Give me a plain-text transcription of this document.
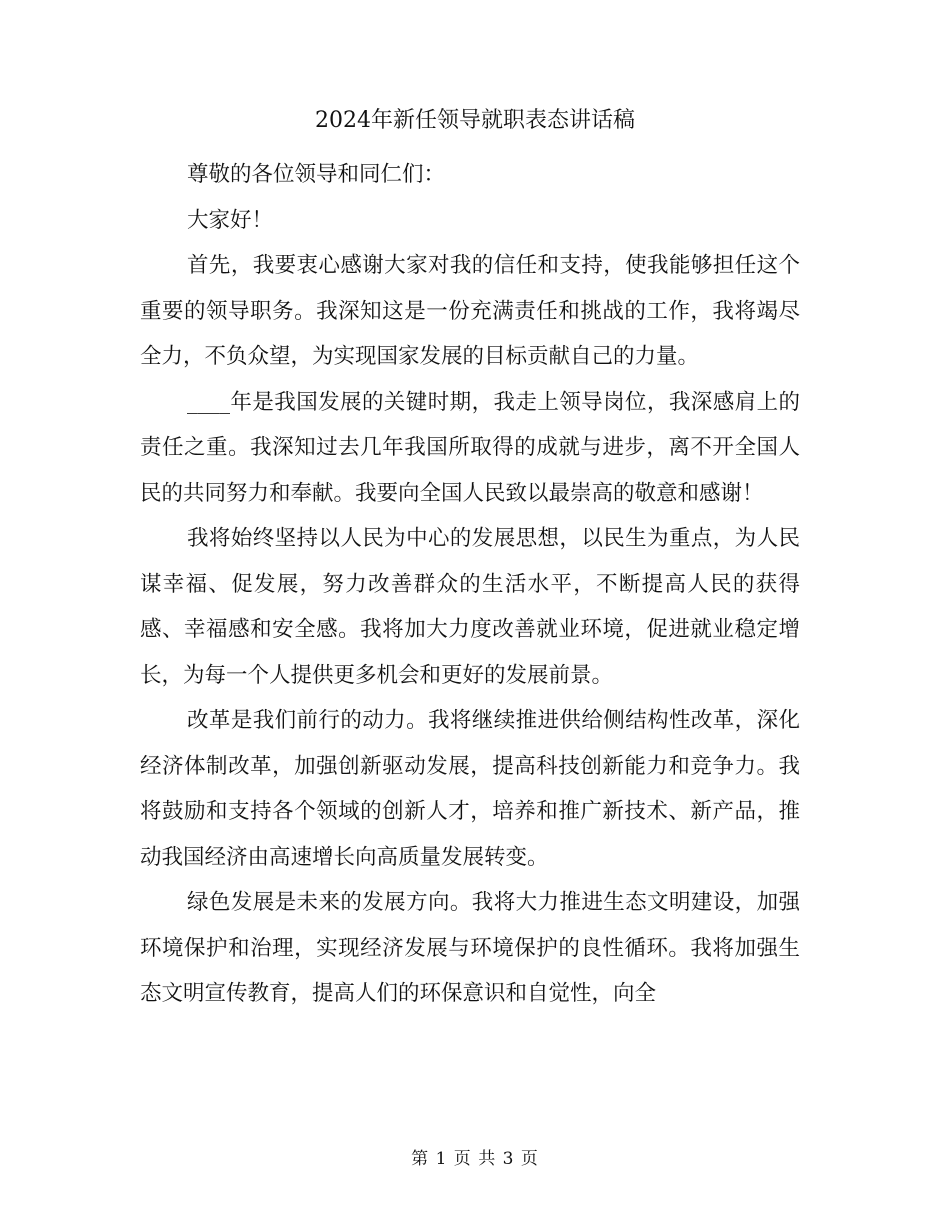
2024年新任领导就职表态讲话稿

尊敬的各位领导和同仁们：

大家好！

首先，我要衷心感谢大家对我的信任和支持，使我能够担任这个重要的领导职务。我深知这是一份充满责任和挑战的工作，我将竭尽全力，不负众望，为实现国家发展的目标贡献自己的力量。

____年是我国发展的关键时期，我走上领导岗位，我深感肩上的责任之重。我深知过去几年我国所取得的成就与进步，离不开全国人民的共同努力和奉献。我要向全国人民致以最崇高的敬意和感谢！

我将始终坚持以人民为中心的发展思想，以民生为重点，为人民谋幸福、促发展，努力改善群众的生活水平，不断提高人民的获得感、幸福感和安全感。我将加大力度改善就业环境，促进就业稳定增长，为每一个人提供更多机会和更好的发展前景。

改革是我们前行的动力。我将继续推进供给侧结构性改革，深化经济体制改革，加强创新驱动发展，提高科技创新能力和竞争力。我将鼓励和支持各个领域的创新人才，培养和推广新技术、新产品，推动我国经济由高速增长向高质量发展转变。

绿色发展是未来的发展方向。我将大力推进生态文明建设，加强环境保护和治理，实现经济发展与环境保护的良性循环。我将加强生态文明宣传教育，提高人们的环保意识和自觉性，向全

第 1 页 共 3 页
